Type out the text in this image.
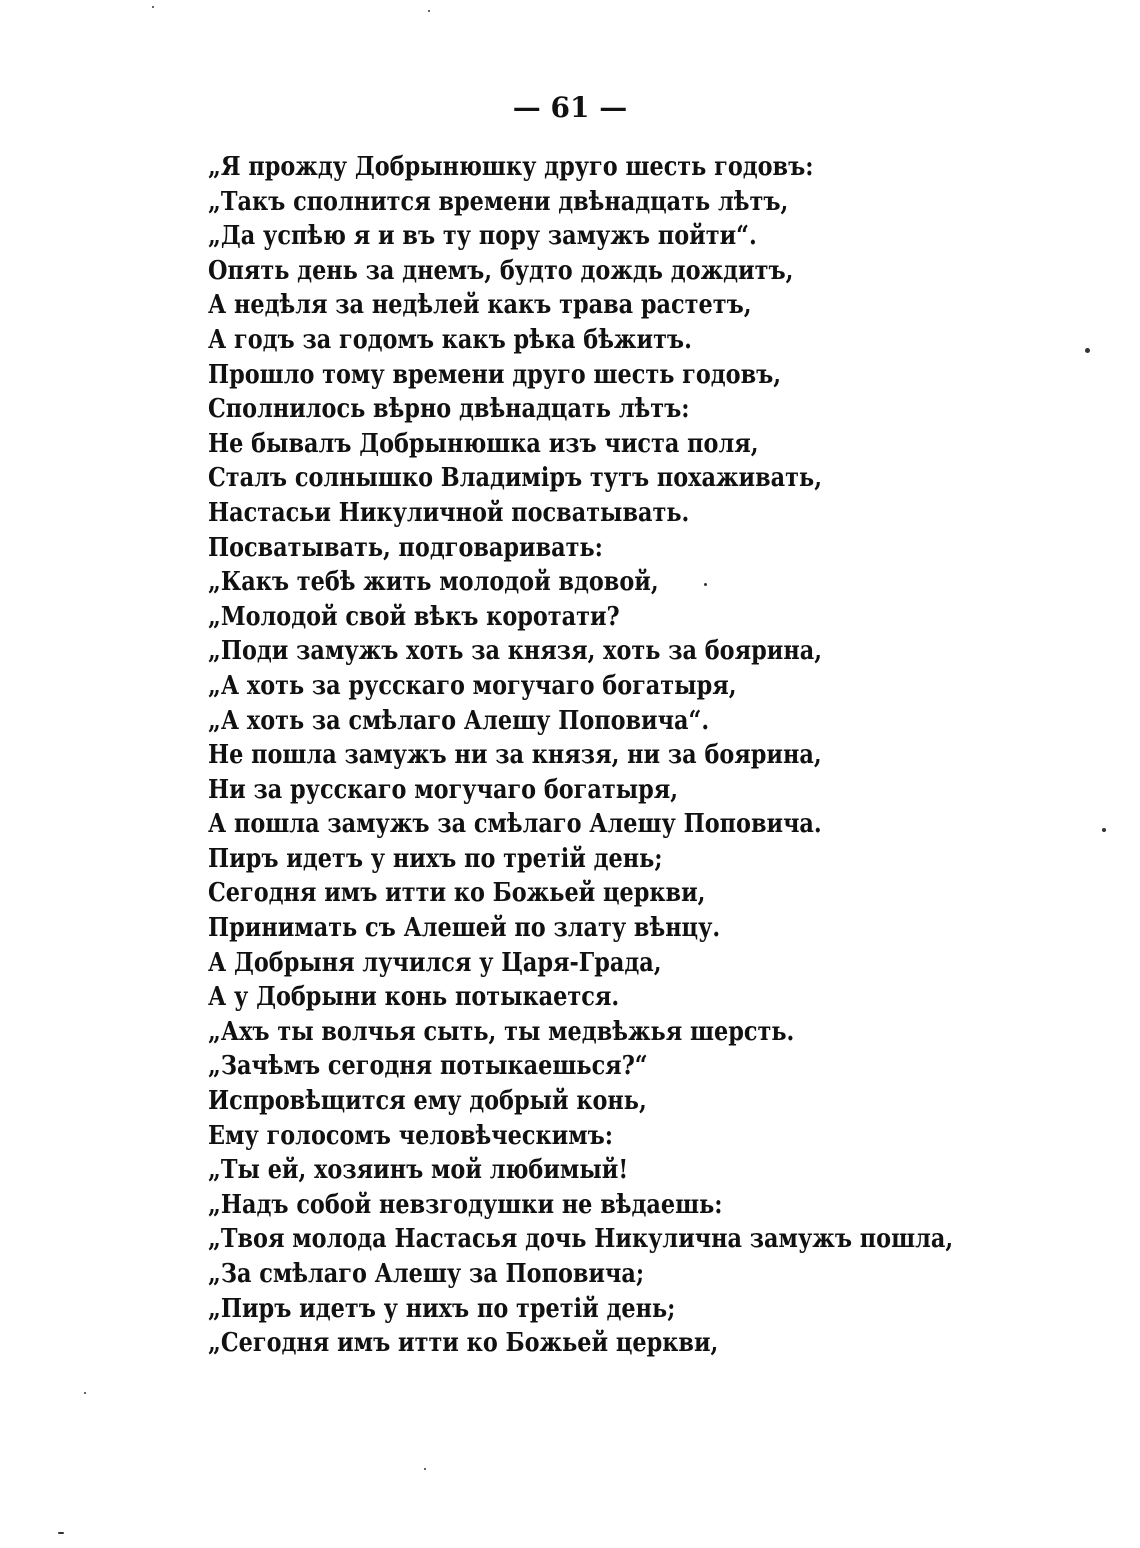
— 61 —
„Я прожду Добрынюшку друго шесть годовъ:
„Такъ сполнится времени двѣнадцать лѣтъ,
„Да успѣю я и въ ту пору замужъ пойти“.
Опять день за днемъ, будто дождь дождитъ,
А недѣля за недѣлей какъ трава растетъ,
А годъ за годомъ какъ рѣка бѣжитъ.
Прошло тому времени друго шесть годовъ,
Сполнилось вѣрно двѣнадцать лѣтъ:
Не бывалъ Добрынюшка изъ чиста поля,
Сталъ солнышко Владиміръ тутъ похаживать,
Настасьи Никуличной посватывать.
Посватывать, подговаривать:
„Какъ тебѣ жить молодой вдовой,
„Молодой свой вѣкъ коротати?
„Поди замужъ хоть за князя, хоть за боярина,
„А хоть за русскаго могучаго богатыря,
„А хоть за смѣлаго Алешу Поповича“.
Не пошла замужъ ни за князя, ни за боярина,
Ни за русскаго могучаго богатыря,
А пошла замужъ за смѣлаго Алешу Поповича.
Пиръ идетъ у нихъ по третій день;
Сегодня имъ итти ко Божьей церкви,
Принимать съ Алешей по злату вѣнцу.
А Добрыня лучился у Царя-Града,
А у Добрыни конь потыкается.
„Ахъ ты волчья сыть, ты медвѣжья шерсть.
„Зачѣмъ сегодня потыкаешься?“
Испровѣщится ему добрый конь,
Ему голосомъ человѣческимъ:
„Ты ей, хозяинъ мой любимый!
„Надъ собой невзгодушки не вѣдаешь:
„Твоя молода Настасья дочь Никулична замужъ пошла,
„За смѣлаго Алешу за Поповича;
„Пиръ идетъ у нихъ по третій день;
„Сегодня имъ итти ко Божьей церкви,
